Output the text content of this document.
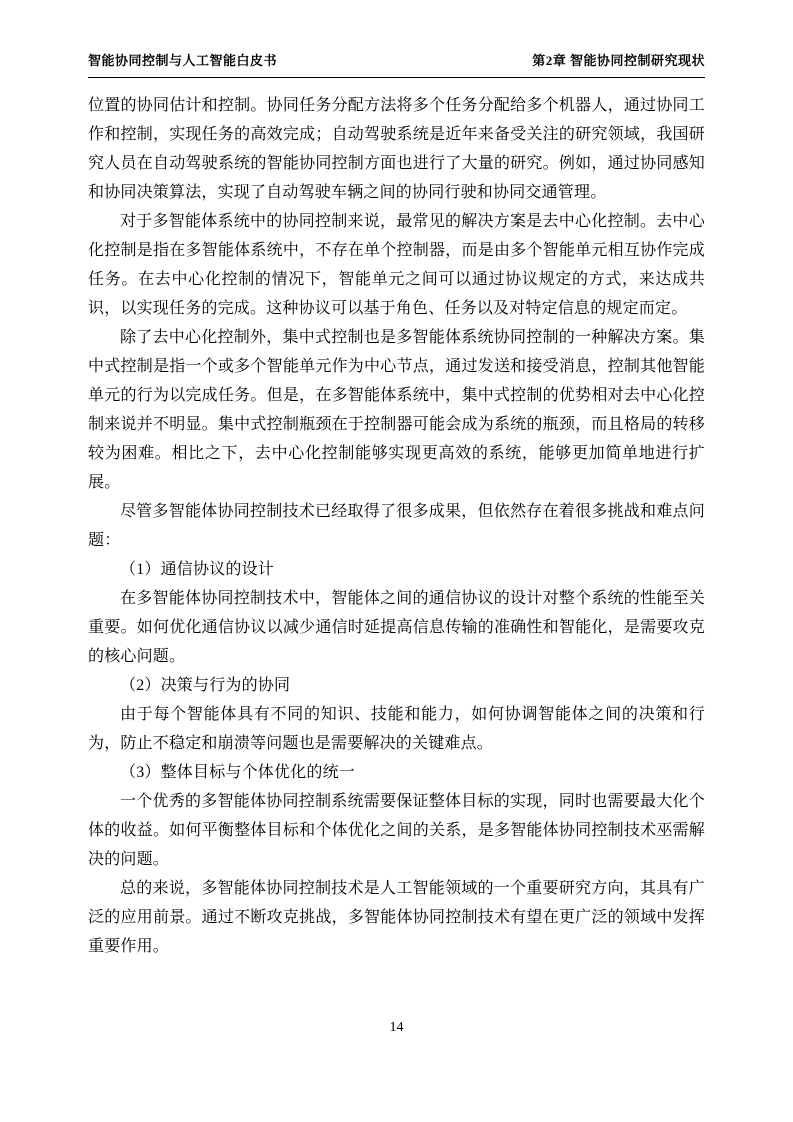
智能协同控制与人工智能白皮书	第2章 智能协同控制研究现状

位置的协同估计和控制。协同任务分配方法将多个任务分配给多个机器人，通过协同工作和控制，实现任务的高效完成；自动驾驶系统是近年来备受关注的研究领域，我国研究人员在自动驾驶系统的智能协同控制方面也进行了大量的研究。例如，通过协同感知和协同决策算法，实现了自动驾驶车辆之间的协同行驶和协同交通管理。

对于多智能体系统中的协同控制来说，最常见的解决方案是去中心化控制。去中心化控制是指在多智能体系统中，不存在单个控制器，而是由多个智能单元相互协作完成任务。在去中心化控制的情况下，智能单元之间可以通过协议规定的方式，来达成共识，以实现任务的完成。这种协议可以基于角色、任务以及对特定信息的规定而定。

除了去中心化控制外，集中式控制也是多智能体系统协同控制的一种解决方案。集中式控制是指一个或多个智能单元作为中心节点，通过发送和接受消息，控制其他智能单元的行为以完成任务。但是，在多智能体系统中，集中式控制的优势相对去中心化控制来说并不明显。集中式控制瓶颈在于控制器可能会成为系统的瓶颈，而且格局的转移较为困难。相比之下，去中心化控制能够实现更高效的系统，能够更加简单地进行扩展。

尽管多智能体协同控制技术已经取得了很多成果，但依然存在着很多挑战和难点问题：

（1）通信协议的设计

在多智能体协同控制技术中，智能体之间的通信协议的设计对整个系统的性能至关重要。如何优化通信协议以减少通信时延提高信息传输的准确性和智能化，是需要攻克的核心问题。

（2）决策与行为的协同

由于每个智能体具有不同的知识、技能和能力，如何协调智能体之间的决策和行为，防止不稳定和崩溃等问题也是需要解决的关键难点。

（3）整体目标与个体优化的统一

一个优秀的多智能体协同控制系统需要保证整体目标的实现，同时也需要最大化个体的收益。如何平衡整体目标和个体优化之间的关系，是多智能体协同控制技术巫需解决的问题。

总的来说，多智能体协同控制技术是人工智能领域的一个重要研究方向，其具有广泛的应用前景。通过不断攻克挑战，多智能体协同控制技术有望在更广泛的领域中发挥重要作用。

14
